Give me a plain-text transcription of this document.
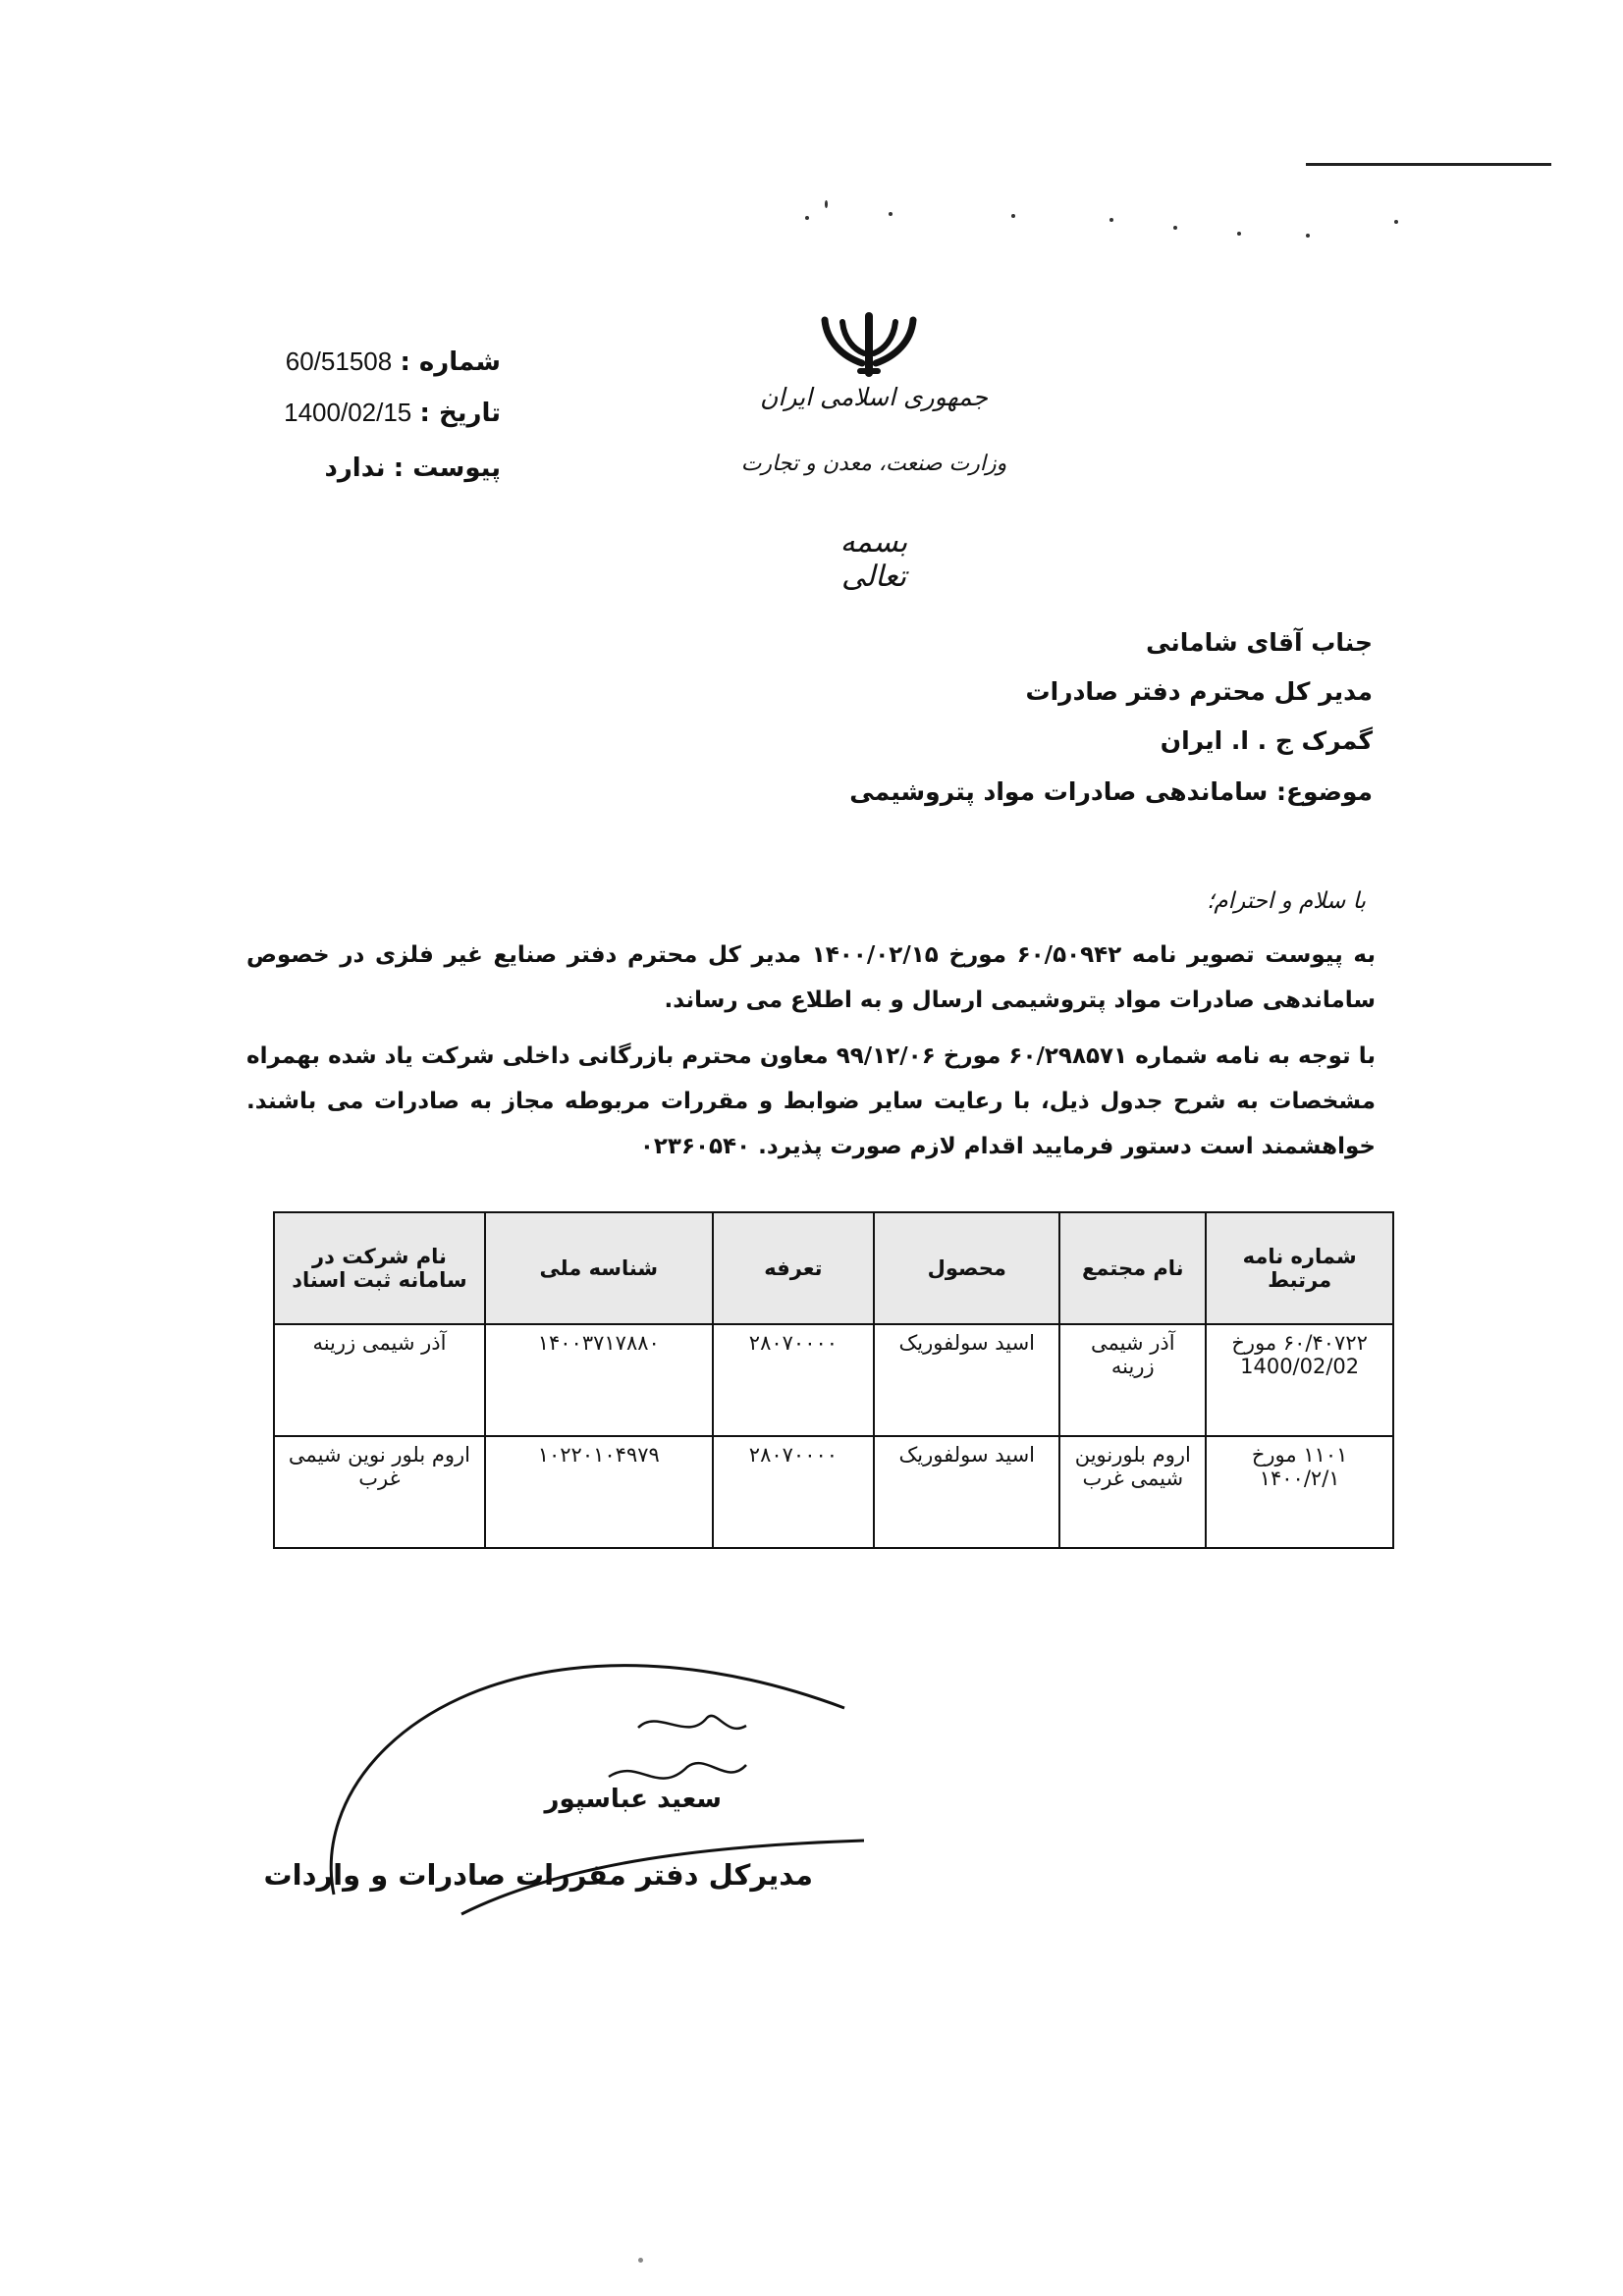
شماره : 60/51508
تاریخ : 1400/02/15
پیوست : ندارد
جمهوری اسلامی ایران
وزارت صنعت، معدن و تجارت
بسمه تعالی
جناب آقای شامانی
مدیر کل محترم دفتر صادرات
گمرک ج . ا. ایران
موضوع: ساماندهی صادرات مواد پتروشیمی
با سلام و احترام؛
به پیوست تصویر نامه ۶۰/۵۰۹۴۲ مورخ ۱۴۰۰/۰۲/۱۵ مدیر کل محترم دفتر صنایع غیر فلزی در خصوص ساماندهی صادرات مواد پتروشیمی ارسال و به اطلاع می رساند.
با توجه به نامه شماره ۶۰/۲۹۸۵۷۱ مورخ ۹۹/۱۲/۰۶ معاون محترم بازرگانی داخلی شرکت یاد شده بهمراه مشخصات به شرح جدول ذیل، با رعایت سایر ضوابط و مقررات مربوطه مجاز به صادرات می باشند. خواهشمند است دستور فرمایید اقدام لازم صورت پذیرد. ۰۲۳۶۰۵۴۰
شماره نامه مرتبط	نام مجتمع	محصول	تعرفه	شناسه ملی	نام شرکت در سامانه ثبت اسناد
۶۰/۴۰۷۲۲ مورخ 1400/02/02	آذر شیمی زرینه	اسید سولفوریک	۲۸۰۷۰۰۰۰	۱۴۰۰۳۷۱۷۸۸۰	آذر شیمی زرینه
۱۱۰۱ مورخ ۱۴۰۰/۲/۱	اروم بلورنوین شیمی غرب	اسید سولفوریک	۲۸۰۷۰۰۰۰	۱۰۲۲۰۱۰۴۹۷۹	اروم بلور نوین شیمی غرب
سعید عباسپور
مدیرکل دفتر مقررات صادرات و واردات
